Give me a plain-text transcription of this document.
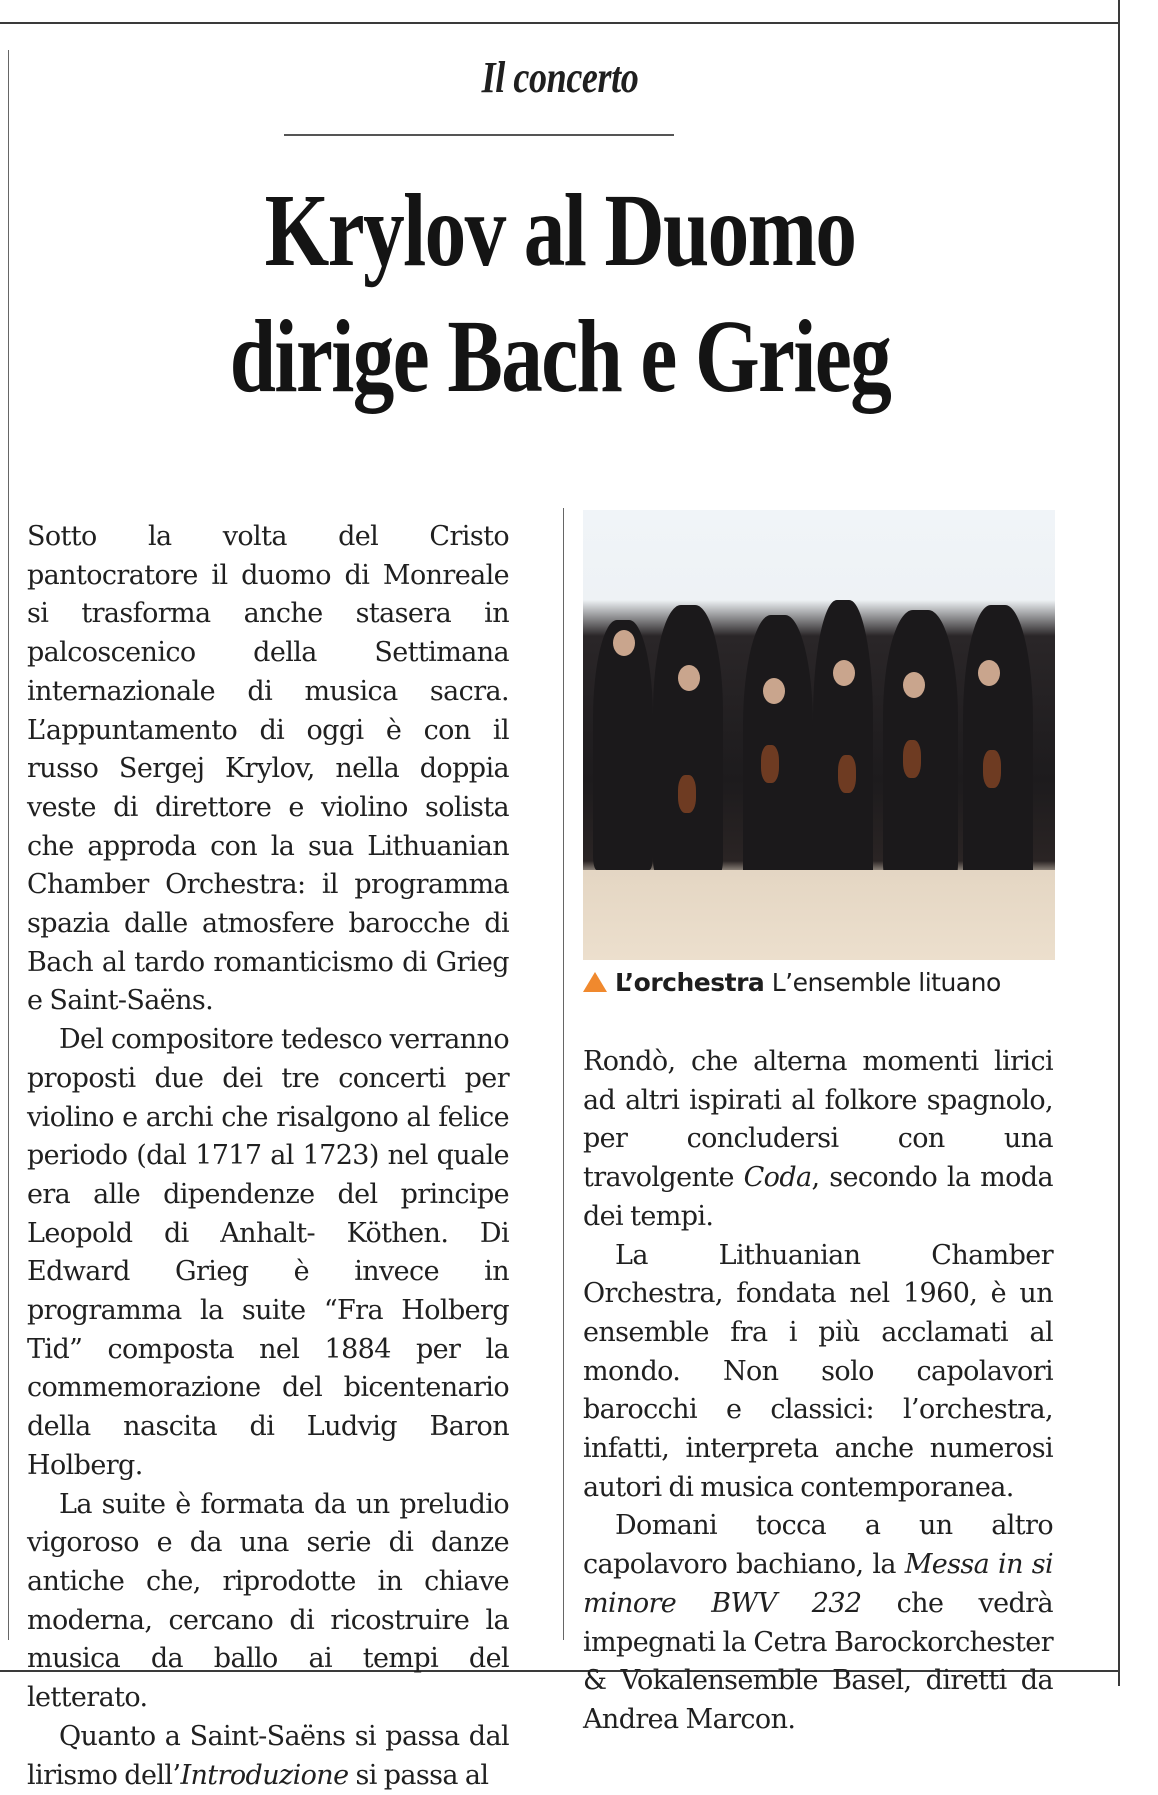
Il concerto
Krylov al Duomo
dirige Bach e Grieg

Sotto la volta del Cristo pantocratore il duomo di Monreale si trasforma anche stasera in palcoscenico della Settimana internazionale di musica sacra. L’appuntamento di oggi è con il russo Sergej Krylov, nella doppia veste di direttore e violino solista che approda con la sua Lithuanian Chamber Orchestra: il programma spazia dalle atmosfere barocche di Bach al tardo romanticismo di Grieg e Saint-Saëns.

Del compositore tedesco verranno proposti due dei tre concerti per violino e archi che risalgono al felice periodo (dal 1717 al 1723) nel quale era alle dipendenze del principe Leopold di Anhalt- Köthen. Di Edward Grieg è invece in programma la suite “Fra Holberg Tid” composta nel 1884 per la commemorazione del bicentenario della nascita di Ludvig Baron Holberg.

La suite è formata da un preludio vigoroso e da una serie di danze antiche che, riprodotte in chiave moderna, cercano di ricostruire la musica da ballo ai tempi del letterato.

Quanto a Saint-Saëns si passa dal lirismo dell’Introduzione si passa al

L’orchestra L’ensemble lituano

Rondò, che alterna momenti lirici ad altri ispirati al folkore spagnolo, per concludersi con una travolgente Coda, secondo la moda dei tempi.

La Lithuanian Chamber Orchestra, fondata nel 1960, è un ensemble fra i più acclamati al mondo. Non solo capolavori barocchi e classici: l’orchestra, infatti, interpreta anche numerosi autori di musica contemporanea.

Domani tocca a un altro capolavoro bachiano, la Messa in si minore BWV 232 che vedrà impegnati la Cetra Barockorchester & Vokalensemble Basel, diretti da Andrea Marcon.
